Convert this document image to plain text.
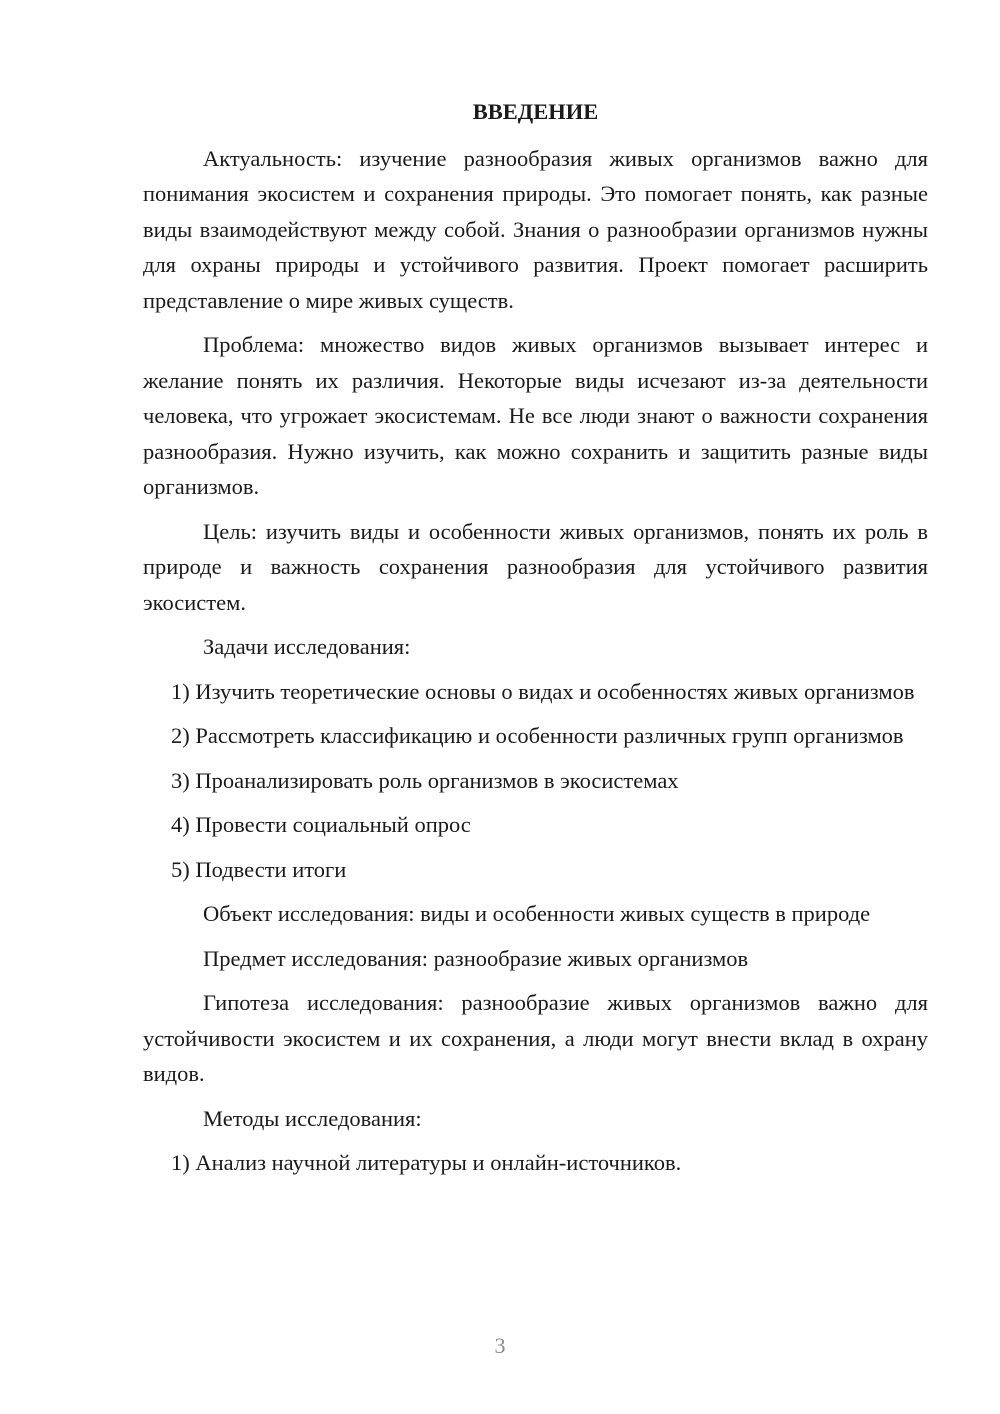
ВВЕДЕНИЕ

Актуальность: изучение разнообразия живых организмов важно для понимания экосистем и сохранения природы. Это помогает понять, как разные виды взаимодействуют между собой. Знания о разнообразии организмов нужны для охраны природы и устойчивого развития. Проект помогает расширить представление о мире живых существ.

Проблема: множество видов живых организмов вызывает интерес и желание понять их различия. Некоторые виды исчезают из-за деятельности человека, что угрожает экосистемам. Не все люди знают о важности сохранения разнообразия. Нужно изучить, как можно сохранить и защитить разные виды организмов.

Цель: изучить виды и особенности живых организмов, понять их роль в природе и важность сохранения разнообразия для устойчивого развития экосистем.

Задачи исследования:

1) Изучить теоретические основы о видах и особенностях живых организмов

2) Рассмотреть классификацию и особенности различных групп организмов

3) Проанализировать роль организмов в экосистемах

4) Провести социальный опрос

5) Подвести итоги

Объект исследования: виды и особенности живых существ в природе

Предмет исследования: разнообразие живых организмов

Гипотеза исследования: разнообразие живых организмов важно для устойчивости экосистем и их сохранения, а люди могут внести вклад в охрану видов.

Методы исследования:

1) Анализ научной литературы и онлайн-источников.

3
